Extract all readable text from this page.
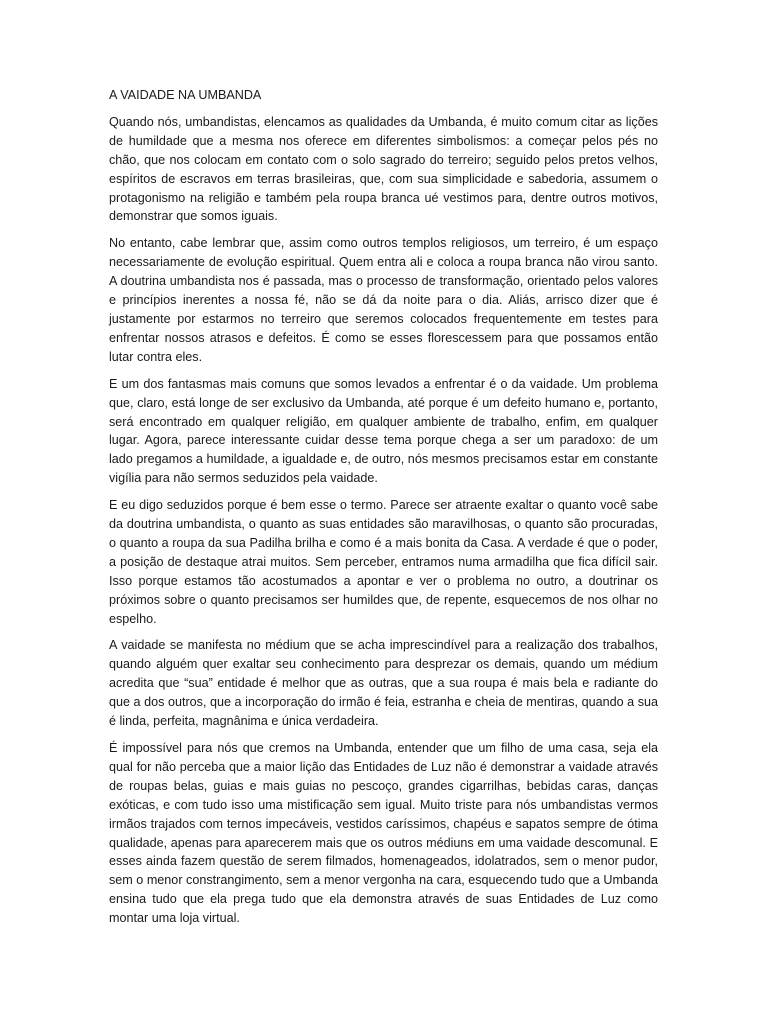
A VAIDADE NA UMBANDA

Quando nós, umbandistas, elencamos as qualidades da Umbanda, é muito comum citar as lições de humildade que a mesma nos oferece em diferentes simbolismos: a começar pelos pés no chão, que nos colocam em contato com o solo sagrado do terreiro; seguido pelos pretos velhos, espíritos de escravos em terras brasileiras, que, com sua simplicidade e sabedoria, assumem o protagonismo na religião e também pela roupa branca ué vestimos para, dentre outros motivos, demonstrar que somos iguais.

No entanto, cabe lembrar que, assim como outros templos religiosos, um terreiro, é um espaço necessariamente de evolução espiritual. Quem entra ali e coloca a roupa branca não virou santo. A doutrina umbandista nos é passada, mas o processo de transformação, orientado pelos valores e princípios inerentes a nossa fé, não se dá da noite para o dia. Aliás, arrisco dizer que é justamente por estarmos no terreiro que seremos colocados frequentemente em testes para enfrentar nossos atrasos e defeitos. É como se esses florescessem para que possamos então lutar contra eles.

E um dos fantasmas mais comuns que somos levados a enfrentar é o da vaidade. Um problema que, claro, está longe de ser exclusivo da Umbanda, até porque é um defeito humano e, portanto, será encontrado em qualquer religião, em qualquer ambiente de trabalho, enfim, em qualquer lugar. Agora, parece interessante cuidar desse tema porque chega a ser um paradoxo: de um lado pregamos a humildade, a igualdade e, de outro, nós mesmos precisamos estar em constante vigília para não sermos seduzidos pela vaidade.

E eu digo seduzidos porque é bem esse o termo. Parece ser atraente exaltar o quanto você sabe da doutrina umbandista, o quanto as suas entidades são maravilhosas, o quanto são procuradas, o quanto a roupa da sua Padilha brilha e como é a mais bonita da Casa. A verdade é que o poder, a posição de destaque atrai muitos. Sem perceber, entramos numa armadilha que fica difícil sair. Isso porque estamos tão acostumados a apontar e ver o problema no outro, a doutrinar os próximos sobre o quanto precisamos ser humildes que, de repente, esquecemos de nos olhar no espelho.

A vaidade se manifesta no médium que se acha imprescindível para a realização dos trabalhos, quando alguém quer exaltar seu conhecimento para desprezar os demais, quando um médium acredita que “sua” entidade é melhor que as outras, que a sua roupa é mais bela e radiante do que a dos outros, que a incorporação do irmão é feia, estranha e cheia de mentiras, quando a sua é linda, perfeita, magnânima e única verdadeira.

É impossível para nós que cremos na Umbanda, entender que um filho de uma casa, seja ela qual for não perceba que a maior lição das Entidades de Luz não é demonstrar a vaidade através de roupas belas, guias e mais guias no pescoço, grandes cigarrilhas, bebidas caras, danças exóticas, e com tudo isso uma mistificação sem igual. Muito triste para nós umbandistas vermos irmãos trajados com ternos impecáveis, vestidos caríssimos, chapéus e sapatos sempre de ótima qualidade, apenas para aparecerem mais que os outros médiuns em uma vaidade descomunal. E esses ainda fazem questão de serem filmados, homenageados, idolatrados, sem o menor pudor, sem o menor constrangimento, sem a menor vergonha na cara, esquecendo tudo que a Umbanda ensina tudo que ela prega tudo que ela demonstra através de suas Entidades de Luz como montar uma loja virtual.
